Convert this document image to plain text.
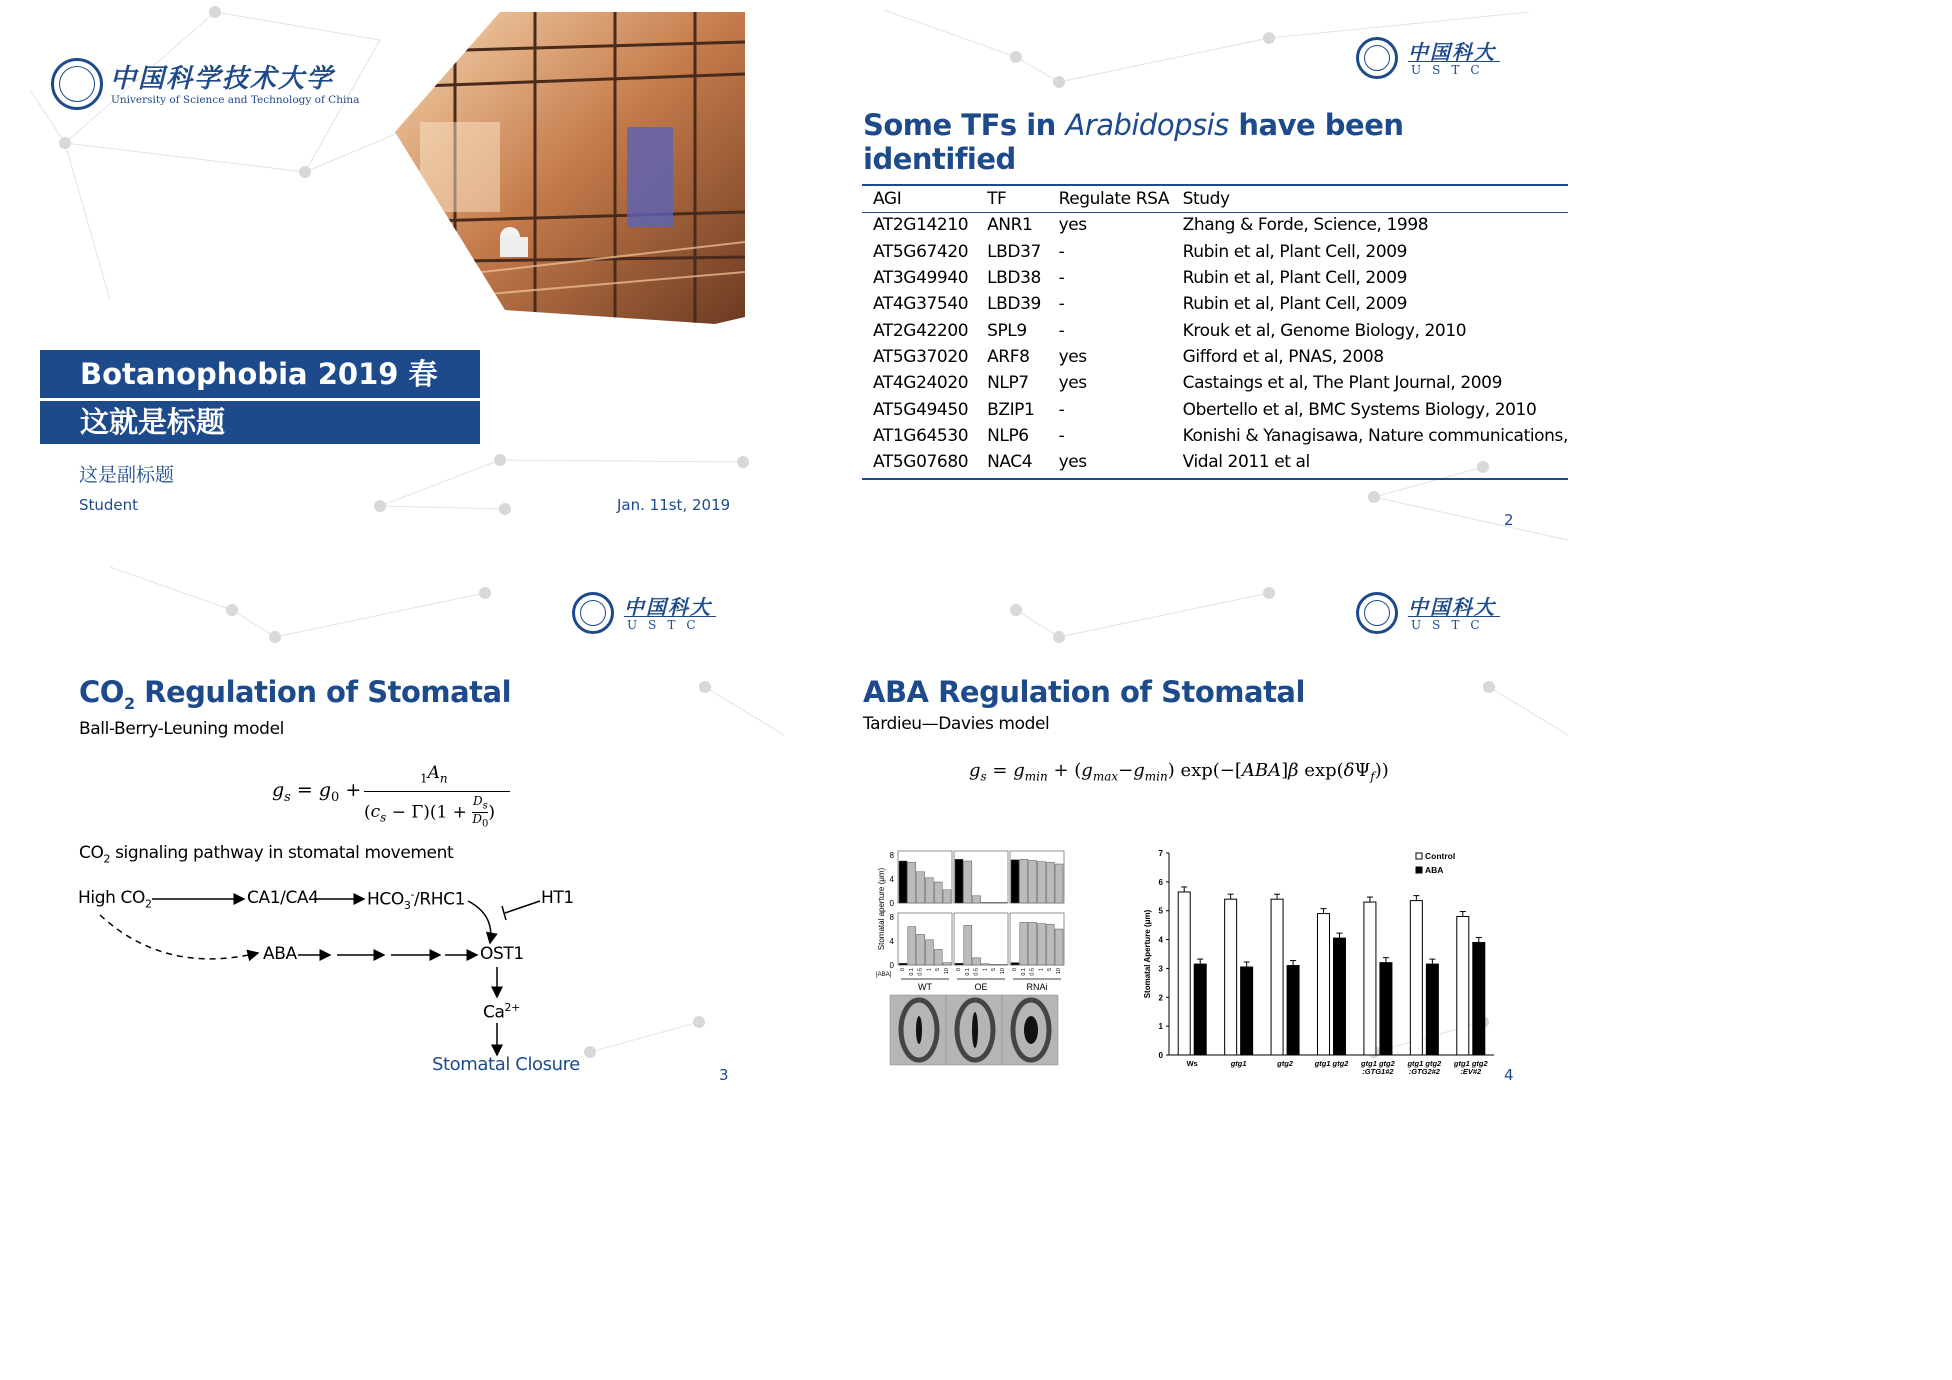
中国科学技术大学
University of Science and Technology of China
Botanophobia 2019 春
这就是标题
这是副标题
Student	Jan. 11st, 2019
中国科大
USTC
Some TFs in Arabidopsis have been
identified
AGI	TF	Regulate RSA	Study
AT2G14210	ANR1	yes	Zhang & Forde, Science, 1998
AT5G67420	LBD37	-	Rubin et al, Plant Cell, 2009
AT3G49940	LBD38	-	Rubin et al, Plant Cell, 2009
AT4G37540	LBD39	-	Rubin et al, Plant Cell, 2009
AT2G42200	SPL9	-	Krouk et al, Genome Biology, 2010
AT5G37020	ARF8	yes	Gifford et al, PNAS, 2008
AT4G24020	NLP7	yes	Castaings et al, The Plant Journal, 2009
AT5G49450	BZIP1	-	Obertello et al, BMC Systems Biology, 2010
AT1G64530	NLP6	-	Konishi & Yanagisawa, Nature communications,
AT5G07680	NAC4	yes	Vidal 2011 et al
2
中国科大
USTC
$CO_2$ Regulation of Stomatal
Ball-Berry-Leuning model
$g_s = g_0$ +
$_1A_n$
$(c_s - \Gamma)(1 + \frac{D_s}{D_0})$
$CO_2$ signaling pathway in stomatal movement
High $CO_2$	CA1/CA4	$HCO_3^-/RHC1$	HT1
ABA	OST1
$Ca^{2+}$
Stomatal Closure	3
中国科大
USTC
ABA Regulation of Stomatal
Tardieu—Davies model
$g_s = g_{min} + (g_{max}-g_{min})$ exp(−[ABA]β $\exp(\delta\Psi_f)$)
8
4
0
8
4
0
Stomatal aperture (μm)
[ABA]
0 0.1 0.5 1 5 10
WT
0 0.1 0.5 1 5 10
OE
0 0.1 0.5 1 5 10
RNAi
0
1
2
3
4
5
6
7
Stomatal Aperture (μm)
Ws	gtg1	gtg2	gtg1 gtg2 gtg1 gtg2
:GTG1#2
gtg1 gtg2
:GTG2#2
gtg1 gtg2
:EV#2
Control
ABA
4
